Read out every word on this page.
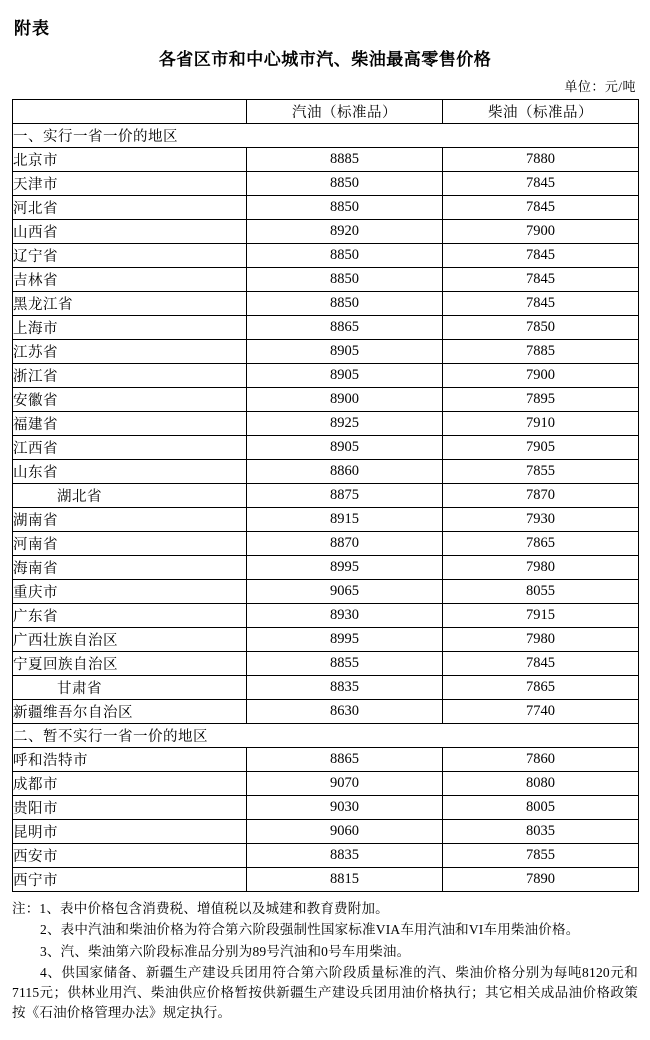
附表
各省区市和中心城市汽、柴油最高零售价格
单位：元/吨
	汽油（标准品）	柴油（标准品）
一、实行一省一价的地区		
北京市	8885	7880
天津市	8850	7845
河北省	8850	7845
山西省	8920	7900
辽宁省	8850	7845
吉林省	8850	7845
黑龙江省	8850	7845
上海市	8865	7850
江苏省	8905	7885
浙江省	8905	7900
安徽省	8900	7895
福建省	8925	7910
江西省	8905	7905
山东省	8860	7855
湖北省	8875	7870
湖南省	8915	7930
河南省	8870	7865
海南省	8995	7980
重庆市	9065	8055
广东省	8930	7915
广西壮族自治区	8995	7980
宁夏回族自治区	8855	7845
甘肃省	8835	7865
新疆维吾尔自治区	8630	7740
二、暂不实行一省一价的地区		
呼和浩特市	8865	7860
成都市	9070	8080
贵阳市	9030	8005
昆明市	9060	8035
西安市	8835	7855
西宁市	8815	7890

注：1、表中价格包含消费税、增值税以及城建和教育费附加。

2、表中汽油和柴油价格为符合第六阶段强制性国家标准VIA车用汽油和VI车用柴油价格。

3、汽、柴油第六阶段标准品分别为89号汽油和0号车用柴油。

4、供国家储备、新疆生产建设兵团用符合第六阶段质量标准的汽、柴油价格分别为每吨8120元和7115元；供林业用汽、柴油供应价格暂按供新疆生产建设兵团用油价格执行；其它相关成品油价格政策按《石油价格管理办法》规定执行。
